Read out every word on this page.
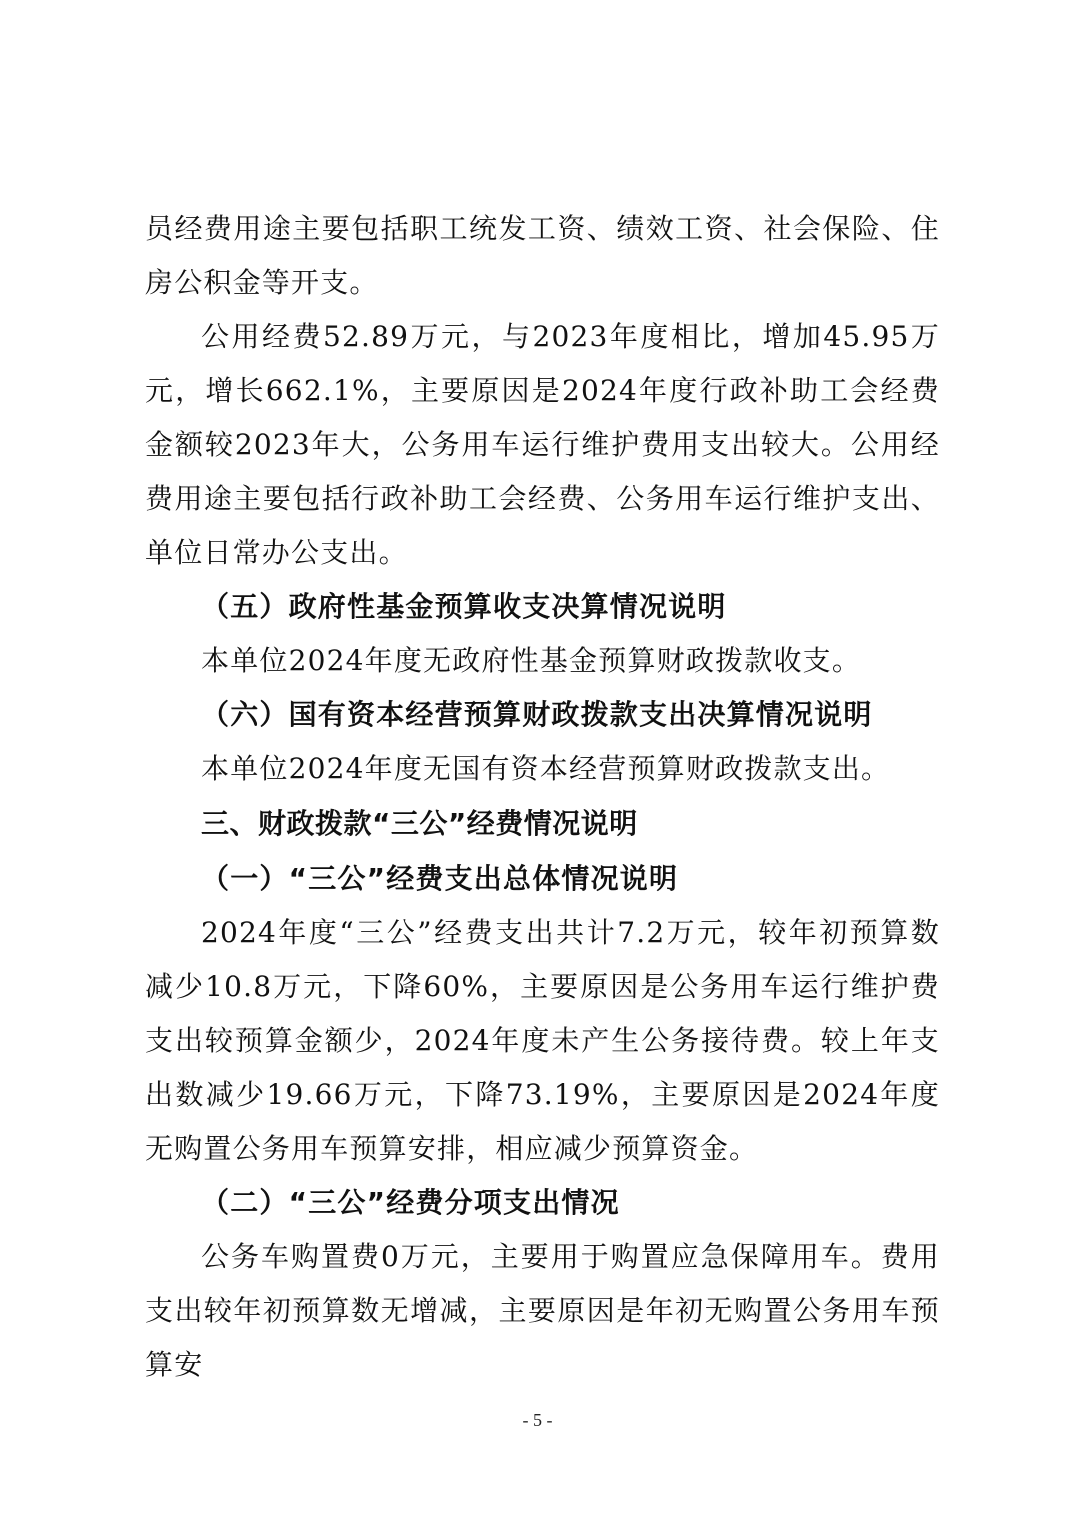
员经费用途主要包括职工统发工资、绩效工资、社会保险、住房公积金等开支。

公用经费52.89万元，与2023年度相比，增加45.95万元，增长662.1%，主要原因是2024年度行政补助工会经费金额较2023年大，公务用车运行维护费用支出较大。公用经费用途主要包括行政补助工会经费、公务用车运行维护支出、单位日常办公支出。

（五）政府性基金预算收支决算情况说明

本单位2024年度无政府性基金预算财政拨款收支。

（六）国有资本经营预算财政拨款支出决算情况说明

本单位2024年度无国有资本经营预算财政拨款支出。

三、财政拨款“三公”经费情况说明

（一）“三公”经费支出总体情况说明

2024年度“三公”经费支出共计7.2万元，较年初预算数减少10.8万元，下降60%，主要原因是公务用车运行维护费支出较预算金额少，2024年度未产生公务接待费。较上年支出数减少19.66万元，下降73.19%，主要原因是2024年度无购置公务用车预算安排，相应减少预算资金。

（二）“三公”经费分项支出情况

公务车购置费0万元，主要用于购置应急保障用车。费用支出较年初预算数无增减，主要原因是年初无购置公务用车预算安

- 5 -
